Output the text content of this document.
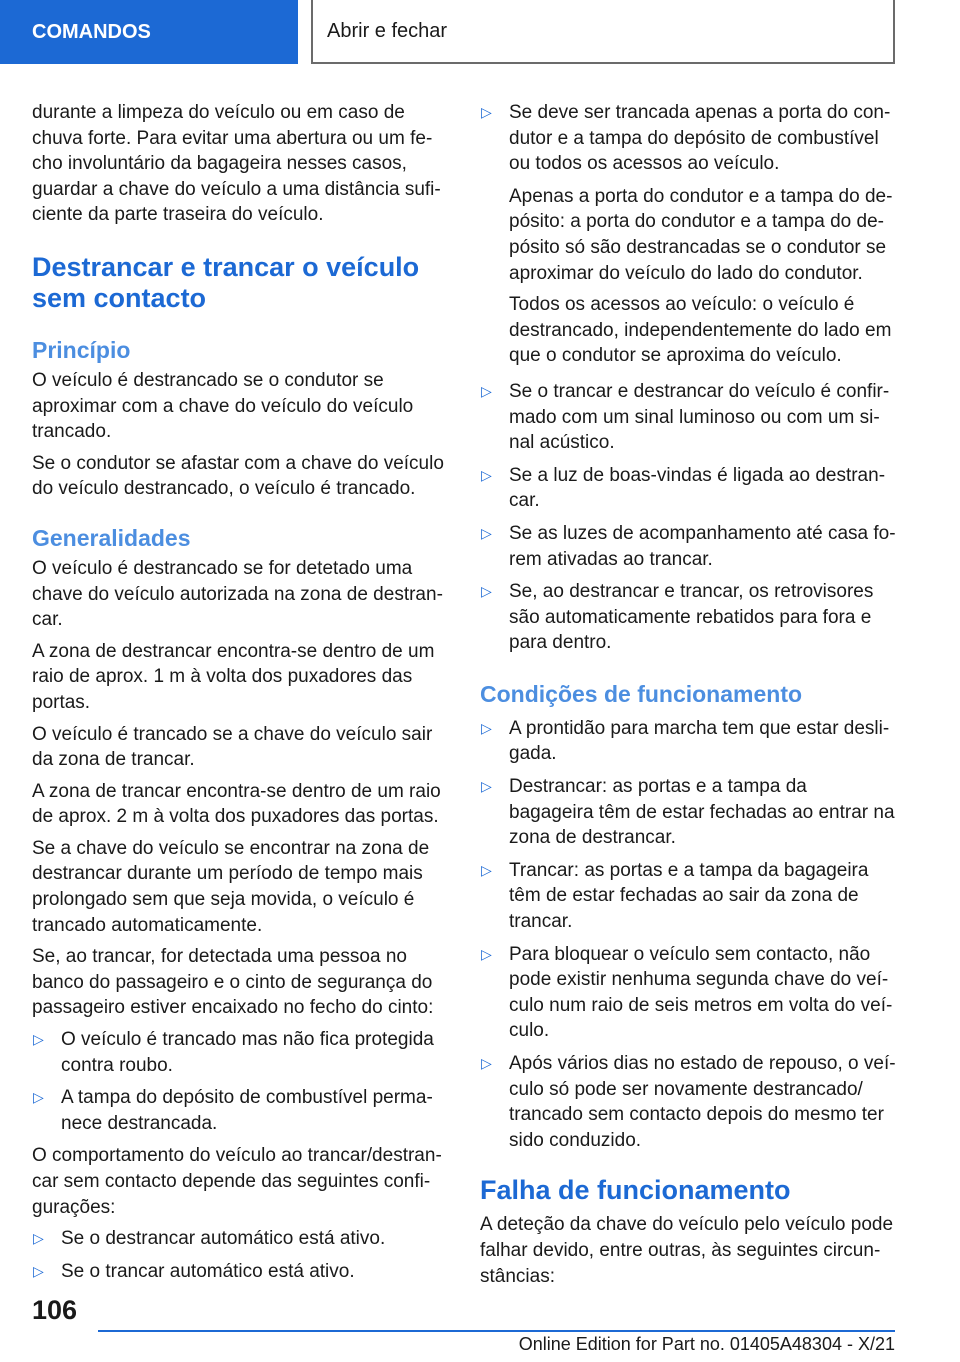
COMANDOS	Abrir e fechar

durante a limpeza do veículo ou em caso de chuva forte. Para evitar uma abertura ou um fecho involuntário da bagageira nesses casos, guardar a chave do veículo a uma distância suficiente da parte traseira do veículo.

Destrancar e trancar o veículo sem contacto
Princípio

O veículo é destrancado se o condutor se aproximar com a chave do veículo do veículo trancado.

Se o condutor se afastar com a chave do veículo do veículo destrancado, o veículo é trancado.

Generalidades

O veículo é destrancado se for detetado uma chave do veículo autorizada na zona de destrancar.

A zona de destrancar encontra-se dentro de um raio de aprox. 1 m à volta dos puxadores das portas.

O veículo é trancado se a chave do veículo sair da zona de trancar.

A zona de trancar encontra-se dentro de um raio de aprox. 2 m à volta dos puxadores das portas.

Se a chave do veículo se encontrar na zona de destrancar durante um período de tempo mais prolongado sem que seja movida, o veículo é trancado automaticamente.

Se, ao trancar, for detectada uma pessoa no banco do passageiro e o cinto de segurança do passageiro estiver encaixado no fecho do cinto:

▷ O veículo é trancado mas não fica protegida contra roubo.
▷ A tampa do depósito de combustível permanece destrancada.

O comportamento do veículo ao trancar/destrancar sem contacto depende das seguintes configurações:

▷ Se o destrancar automático está ativo.
▷ Se o trancar automático está ativo.
▷ Se deve ser trancada apenas a porta do condutor e a tampa do depósito de combustível ou todos os acessos ao veículo.

Apenas a porta do condutor e a tampa do depósito: a porta do condutor e a tampa do depósito só são destrancadas se o condutor se aproximar do veículo do lado do condutor.

Todos os acessos ao veículo: o veículo é destrancado, independentemente do lado em que o condutor se aproxima do veículo.

▷ Se o trancar e destrancar do veículo é confirmado com um sinal luminoso ou com um sinal acústico.
▷ Se a luz de boas-vindas é ligada ao destrancar.
▷ Se as luzes de acompanhamento até casa forem ativadas ao trancar.
▷ Se, ao destrancar e trancar, os retrovisores são automaticamente rebatidos para fora e para dentro.
Condições de funcionamento
▷ A prontidão para marcha tem que estar desligada.
▷ Destrancar: as portas e a tampa da bagageira têm de estar fechadas ao entrar na zona de destrancar.
▷ Trancar: as portas e a tampa da bagageira têm de estar fechadas ao sair da zona de trancar.
▷ Para bloquear o veículo sem contacto, não pode existir nenhuma segunda chave do veículo num raio de seis metros em volta do veículo.
▷ Após vários dias no estado de repouso, o veículo só pode ser novamente destrancado/ trancado sem contacto depois do mesmo ter sido conduzido.
Falha de funcionamento

A deteção da chave do veículo pelo veículo pode falhar devido, entre outras, às seguintes circunstâncias:

106
Online Edition for Part no. 01405A48304 - X/21
